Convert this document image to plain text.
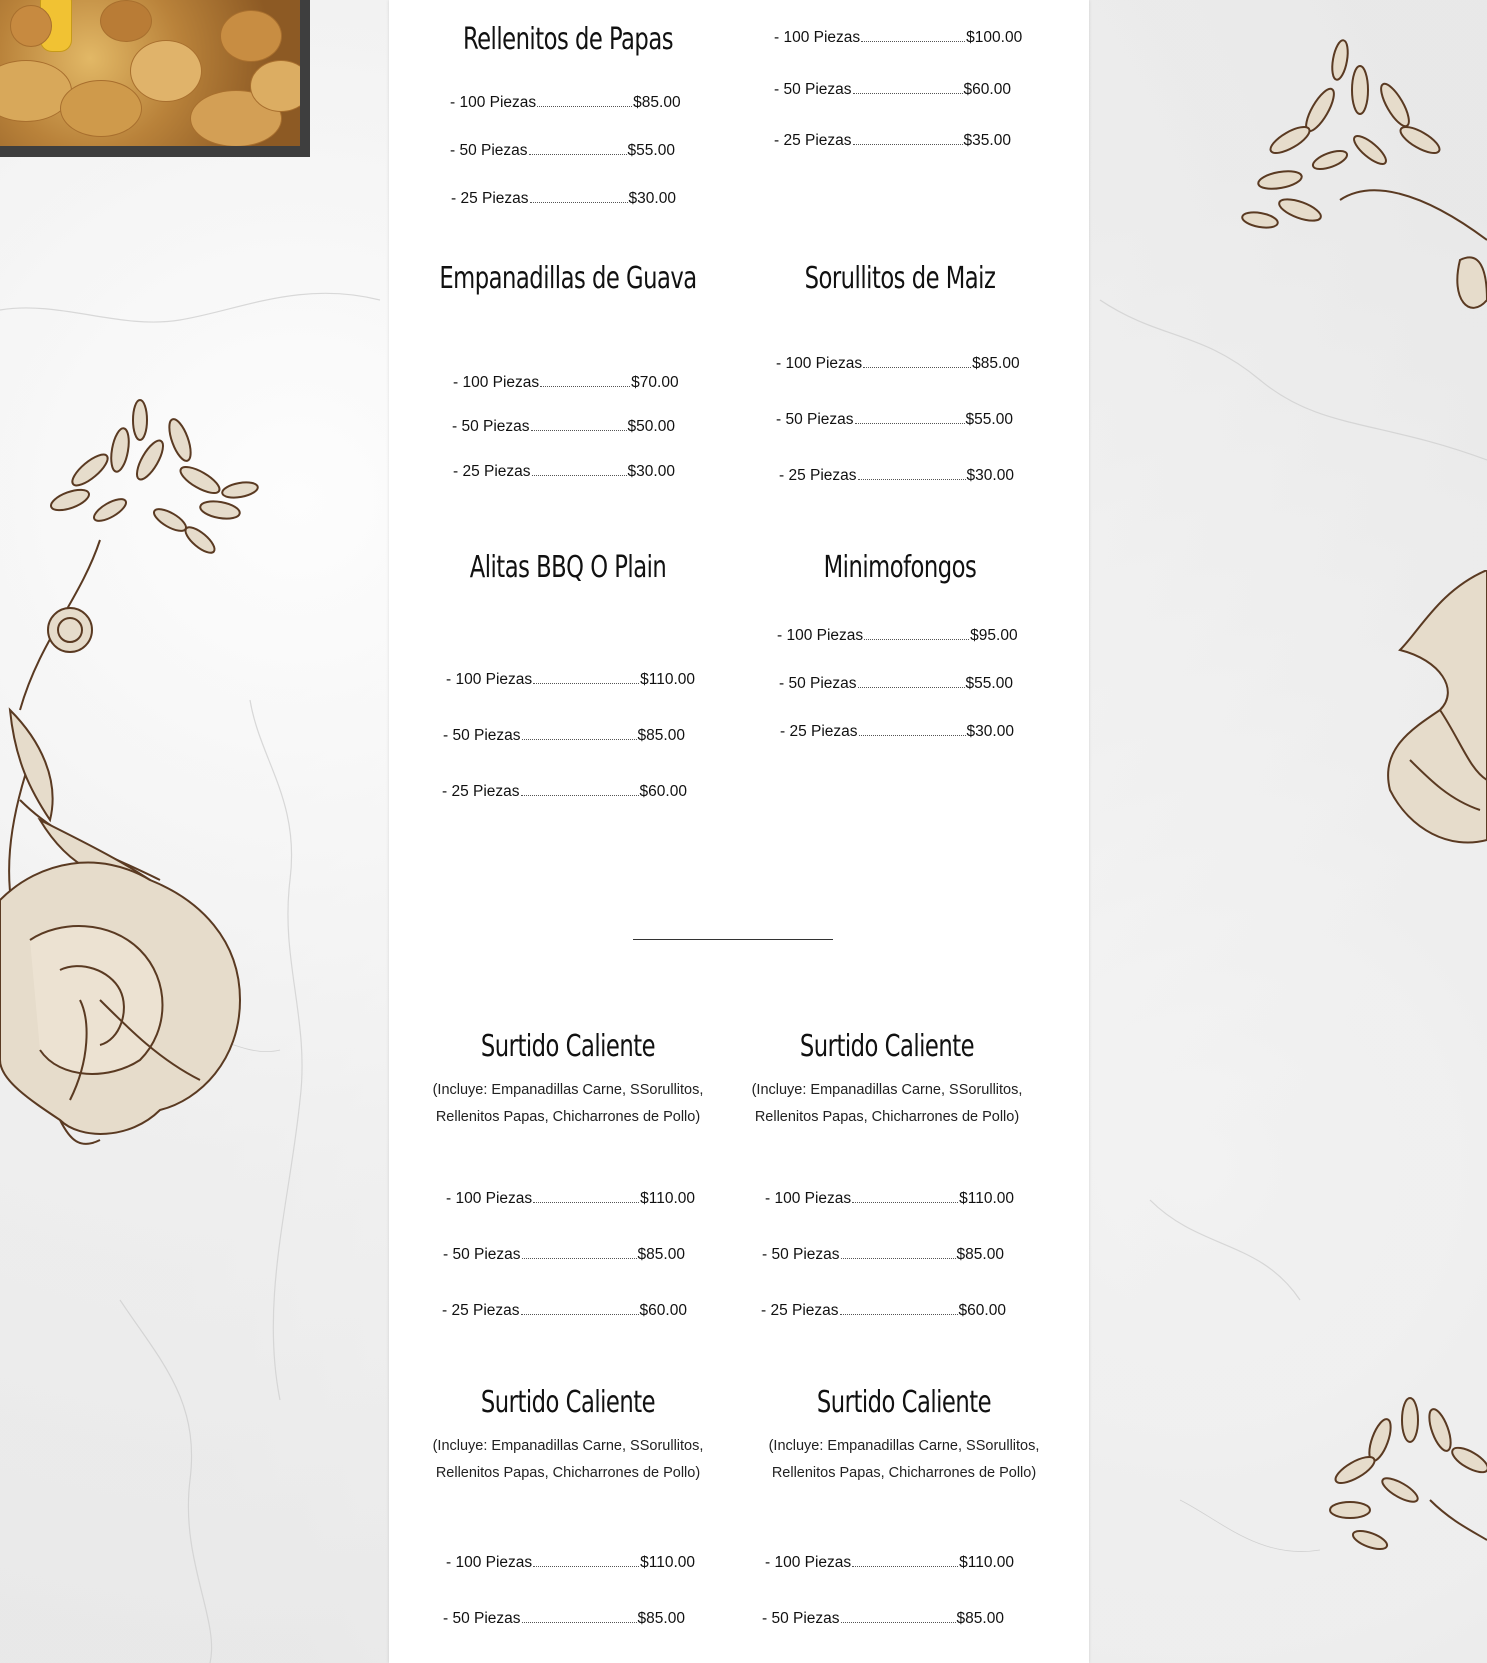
Rellenitos de Papas
- 100 Piezas	$85.00
- 50 Piezas	$55.00
- 25 Piezas	$30.00
- 100 Piezas	$100.00
- 50 Piezas	$60.00
- 25 Piezas	$35.00
Empanadillas de Guava
- 100 Piezas	$70.00
- 50 Piezas	$50.00
- 25 Piezas	$30.00
Sorullitos de Maiz
- 100 Piezas	$85.00
- 50 Piezas	$55.00
- 25 Piezas	$30.00
Alitas BBQ O Plain
- 100 Piezas	$110.00
- 50 Piezas	$85.00
- 25 Piezas	$60.00
Minimofongos
- 100 Piezas	$95.00
- 50 Piezas	$55.00
- 25 Piezas	$30.00
Surtido Caliente
(Incluye: Empanadillas Carne, SSorullitos,
Rellenitos Papas, Chicharrones de Pollo)
- 100 Piezas	$110.00
- 50 Piezas	$85.00
- 25 Piezas	$60.00
Surtido Caliente
(Incluye: Empanadillas Carne, SSorullitos,
Rellenitos Papas, Chicharrones de Pollo)
- 100 Piezas	$110.00
- 50 Piezas	$85.00
- 25 Piezas	$60.00
Surtido Caliente
(Incluye: Empanadillas Carne, SSorullitos,
Rellenitos Papas, Chicharrones de Pollo)
- 100 Piezas	$110.00
- 50 Piezas	$85.00
Surtido Caliente
(Incluye: Empanadillas Carne, SSorullitos,
Rellenitos Papas, Chicharrones de Pollo)
- 100 Piezas	$110.00
- 50 Piezas	$85.00
